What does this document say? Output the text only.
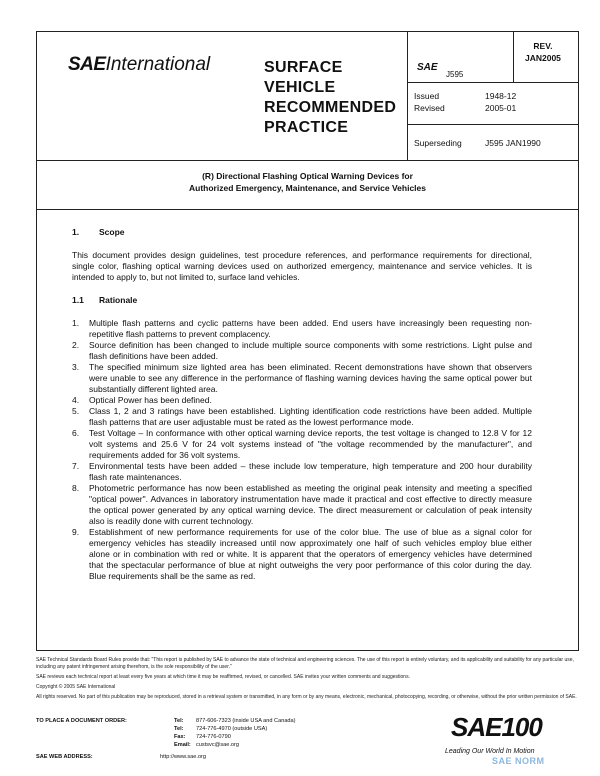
SAEInternational	SURFACE
VEHICLE
RECOMMENDED
PRACTICE
SAE
J595
REV.
JAN2005
Issued	1948-12
Revised	2005-01
Superseding	J595 JAN1990
(R) Directional Flashing Optical Warning Devices for
Authorized Emergency, Maintenance, and Service Vehicles
1. Scope

This document provides design guidelines, test procedure references, and performance requirements for directional, single color, flashing optical warning devices used on authorized emergency, maintenance and service vehicles. It is intended to apply to, but not limited to, surface land vehicles.

1.1 Rationale
1. Multiple flash patterns and cyclic patterns have been added. End users have increasingly been requesting non-repetitive flash patterns to prevent complacency.
2. Source definition has been changed to include multiple source components with some restrictions. Light pulse and flash definitions have been added.
3. The specified minimum size lighted area has been eliminated. Recent demonstrations have shown that observers were unable to see any difference in the performance of flashing warning devices having the same optical power but substantially different lighted area.
4. Optical Power has been defined.
5. Class 1, 2 and 3 ratings have been established. Lighting identification code restrictions have been added. Multiple flash patterns that are user adjustable must be rated as the lowest performance mode.
6. Test Voltage – In conformance with other optical warning device reports, the test voltage is changed to 12.8 V for 12 volt systems and 25.6 V for 24 volt systems instead of "the voltage recommended by the manufacturer", and requirements added for 36 volt systems.
7. Environmental tests have been added – these include low temperature, high temperature and 200 hour durability flash rate maintenances.
8. Photometric performance has now been established as meeting the original peak intensity and meeting a specified "optical power". Advances in laboratory instrumentation have made it practical and cost effective to directly measure the optical power generated by any optical warning device. The direct measurement or calculation of peak intensity also is readily done with current technology.
9. Establishment of new performance requirements for use of the color blue. The use of blue as a signal color for emergency vehicles has steadily increased until now approximately one half of such vehicles employ blue either alone or in combination with red or white. It is apparent that the operators of emergency vehicles have determined that the spectacular performance of blue at night outweighs the very poor performance of this color during the day. Blue requirements shall be the same as red.

SAE Technical Standards Board Rules provide that: "This report is published by SAE to advance the state of technical and engineering sciences. The use of this report is entirely voluntary, and its applicability and suitability for any particular use, including any patent infringement arising therefrom, is the sole responsibility of the user."

SAE reviews each technical report at least every five years at which time it may be reaffirmed, revised, or cancelled. SAE invites your written comments and suggestions.

Copyright © 2005 SAE International

All rights reserved. No part of this publication may be reproduced, stored in a retrieval system or transmitted, in any form or by any means, electronic, mechanical, photocopying, recording, or otherwise, without the prior written permission of SAE.

TO PLACE A DOCUMENT ORDER:	Tel: 877-606-7323 (inside USA and Canada)
Tel: 724-776-4970 (outside USA)
Fax: 724-776-0790
Email: custsvc@sae.org
SAE WEB ADDRESS:	http://www.sae.org
SAE100
Leading Our World In Motion
SAE NORM
